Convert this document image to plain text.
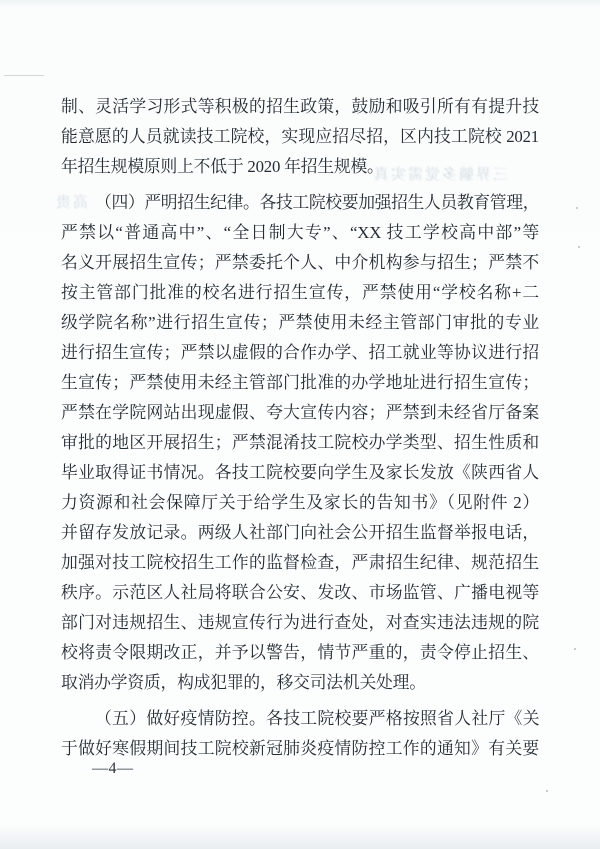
制、灵活学习形式等积极的招生政策，鼓励和吸引所有有提升技
能意愿的人员就读技工院校，实现应招尽招，区内技工院校 2021
年招生规模原则上不低于 2020 年招生规模。
（四）严明招生纪律。各技工院校要加强招生人员教育管理，
严禁以“普通高中”、“全日制大专”、“XX 技工学校高中部”等
名义开展招生宣传；严禁委托个人、中介机构参与招生；严禁不
按主管部门批准的校名进行招生宣传，严禁使用“学校名称+二
级学院名称”进行招生宣传；严禁使用未经主管部门审批的专业
进行招生宣传；严禁以虚假的合作办学、招工就业等协议进行招
生宣传；严禁使用未经主管部门批准的办学地址进行招生宣传；
严禁在学院网站出现虚假、夸大宣传内容；严禁到未经省厅备案
审批的地区开展招生；严禁混淆技工院校办学类型、招生性质和
毕业取得证书情况。各技工院校要向学生及家长发放《陕西省人
力资源和社会保障厅关于给学生及家长的告知书》（见附件 2）
并留存发放记录。两级人社部门向社会公开招生监督举报电话，
加强对技工院校招生工作的监督检查，严肃招生纪律、规范招生
秩序。示范区人社局将联合公安、发改、市场监管、广播电视等
部门对违规招生、违规宣传行为进行查处，对查实违法违规的院
校将责令限期改正，并予以警告，情节严重的，责令停止招生、
取消办学资质，构成犯罪的，移交司法机关处理。
（五）做好疫情防控。各技工院校要严格按照省人社厅《关
于做好寒假期间技工院校新冠肺炎疫情防控工作的通知》有关要
—4—
三界躺多觉需实真
高贵
